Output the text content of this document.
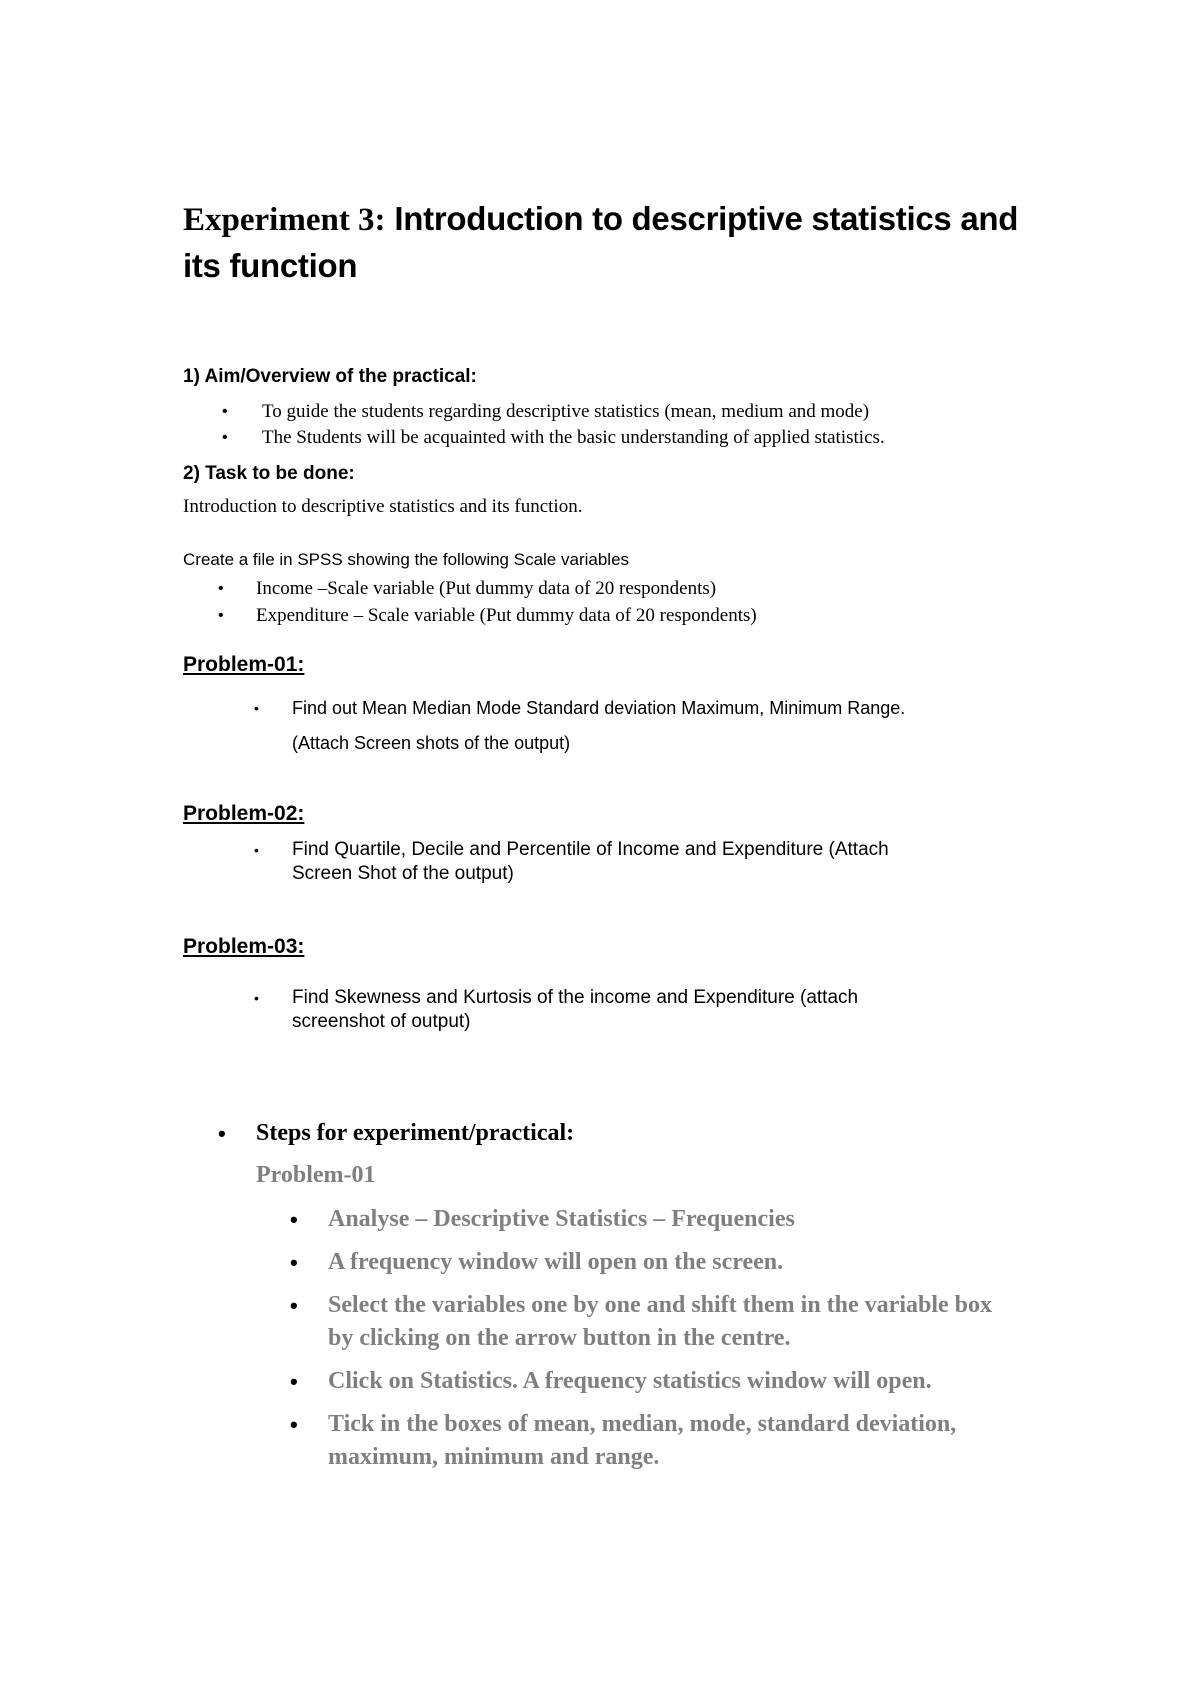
Experiment 3: Introduction to descriptive statistics and its function

1) Aim/Overview of the practical:

• To guide the students regarding descriptive statistics (mean, medium and mode)
• The Students will be acquainted with the basic understanding of applied statistics.

2) Task to be done:

Introduction to descriptive statistics and its function.

Create a file in SPSS showing the following Scale variables

• Income –Scale variable (Put dummy data of 20 respondents)
• Expenditure – Scale variable (Put dummy data of 20 respondents)

Problem-01:

• Find out Mean Median Mode Standard deviation Maximum, Minimum Range.

(Attach Screen shots of the output)

Problem-02:

• Find Quartile, Decile and Percentile of Income and Expenditure (Attach Screen Shot of the output)

Problem-03:

• Find Skewness and Kurtosis of the income and Expenditure (attach screenshot of output)
• Steps for experiment/practical:

Problem-01

• Analyse – Descriptive Statistics – Frequencies
• A frequency window will open on the screen.
• Select the variables one by one and shift them in the variable box by clicking on the arrow button in the centre.
• Click on Statistics. A frequency statistics window will open.
• Tick in the boxes of mean, median, mode, standard deviation, maximum, minimum and range.
